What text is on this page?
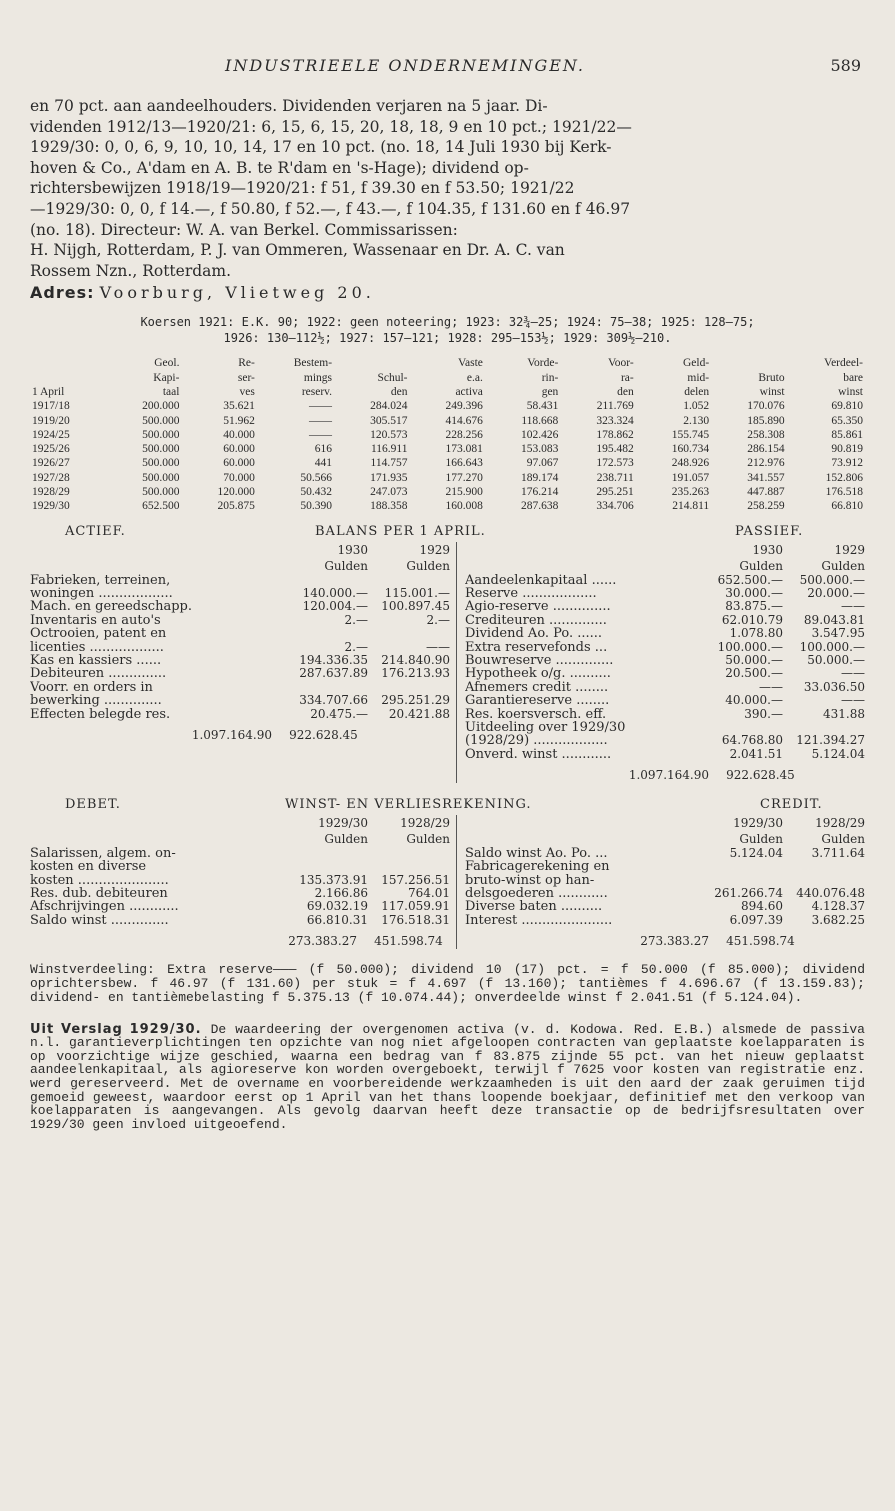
INDUSTRIEELE ONDERNEMINGEN.	589
en 70 pct. aan aandeelhouders. Dividenden verjaren na 5 jaar. Di-
videnden 1912/13—1920/21: 6, 15, 6, 15, 20, 18, 18, 9 en 10 pct.; 1921/22—
1929/30: 0, 0, 6, 9, 10, 10, 14, 17 en 10 pct. (no. 18, 14 Juli 1930 bij Kerk-
hoven & Co., A'dam en A. B. te R'dam en 's-Hage); dividend op-
richtersbewijzen 1918/19—1920/21: f 51, f 39.30 en f 53.50; 1921/22
—1929/30: 0, 0, f 14.—, f 50.80, f 52.—, f 43.—, f 104.35, f 131.60 en f 46.97
(no. 18). Directeur: W. A. van Berkel. Commissarissen:
H. Nijgh, Rotterdam, P. J. van Ommeren, Wassenaar en Dr. A. C. van
Rossem Nzn., Rotterdam.
Adres: Voorburg, Vlietweg 20.
Koersen 1921: E.K. 90; 1922: geen noteering; 1923: 32¾—25; 1924: 75—38; 1925: 128—75;
1926: 130—112½; 1927: 157—121; 1928: 295—153½; 1929: 309½—210.
	Geol.	Re-	Bestem-		Vaste	Vorde-	Voor-	Geld-		Verdeel-
	Kapi-	ser-	mings	Schul-	e.a.	rin-	ra-	mid-	Bruto	bare
1 April	taal	ves	reserv.	den	activa	gen	den	delen	winst	winst
1917/18	200.000	35.621	——	284.024	249.396	58.431	211.769	1.052	170.076	69.810
1919/20	500.000	51.962	——	305.517	414.676	118.668	323.324	2.130	185.890	65.350
1924/25	500.000	40.000	——	120.573	228.256	102.426	178.862	155.745	258.308	85.861
1925/26	500.000	60.000	616	116.911	173.081	153.083	195.482	160.734	286.154	90.819
1926/27	500.000	60.000	441	114.757	166.643	97.067	172.573	248.926	212.976	73.912
1927/28	500.000	70.000	50.566	171.935	177.270	189.174	238.711	191.057	341.557	152.806
1928/29	500.000	120.000	50.432	247.073	215.900	176.214	295.251	235.263	447.887	176.518
1929/30	652.500	205.875	50.390	188.358	160.008	287.638	334.706	214.811	258.259	66.810
ACTIEF.	BALANS PER 1 APRIL.	PASSIEF.
1930	1929
Gulden	Gulden
Fabrieken, terreinen,
woningen ..................	140.000.—	115.001.—
Mach. en gereedschapp.	120.004.—	100.897.45
Inventaris en auto's	2.—	2.—
Octrooien, patent en
licenties ..................	2.—	——
Kas en kassiers ......	194.336.35	214.840.90
Debiteuren ..............	287.637.89	176.213.93
Voorr. en orders in
bewerking ..............	334.707.66	295.251.29
Effecten belegde res.	20.475.—	20.421.88
1.097.164.90 922.628.45
1930	1929
Gulden	Gulden
Aandeelenkapitaal ......	652.500.—	500.000.—
Reserve ..................	30.000.—	20.000.—
Agio-reserve ..............	83.875.—	——
Crediteuren ..............	62.010.79	89.043.81
Dividend Ao. Po. ......	1.078.80	3.547.95
Extra reservefonds ...	100.000.—	100.000.—
Bouwreserve ..............	50.000.—	50.000.—
Hypotheek o/g. ..........	20.500.—	——
Afnemers credit ........	——	33.036.50
Garantiereserve ........	40.000.—	——
Res. koersversch. eff.	390.—	431.88
Uitdeeling over 1929/30
(1928/29) ..................	64.768.80	121.394.27
Onverd. winst ............	2.041.51	5.124.04
1.097.164.90 922.628.45
DEBET.	WINST- EN VERLIESREKENING.	CREDIT.
1929/30	1928/29
Gulden	Gulden
Salarissen, algem. on-
kosten en diverse
kosten ......................	135.373.91	157.256.51
Res. dub. debiteuren	2.166.86	764.01
Afschrijvingen ............	69.032.19	117.059.91
Saldo winst ..............	66.810.31	176.518.31
273.383.27 451.598.74
1929/30	1928/29
Gulden	Gulden
Saldo winst Ao. Po. ...	5.124.04	3.711.64
Fabricagerekening en
bruto-winst op han-
delsgoederen ............	261.266.74	440.076.48
Diverse baten ..........	894.60	4.128.37
Interest ......................	6.097.39	3.682.25
273.383.27 451.598.74
Winstverdeeling: Extra reserve——— (f 50.000); dividend 10 (17) pct. = f 50.000 (f 85.000); dividend oprichtersbew. f 46.97 (f 131.60) per stuk = f 4.697 (f 13.160); tantièmes f 4.696.67 (f 13.159.83); dividend- en tantièmebelasting f 5.375.13 (f 10.074.44); onverdeelde winst f 2.041.51 (f 5.124.04).
Uit Verslag 1929/30. De waardeering der overgenomen activa (v. d. Kodowa. Red. E.B.) alsmede de passiva n.l. garantieverplichtingen ten opzichte van nog niet afgeloopen contracten van geplaatste koelapparaten is op voorzichtige wijze geschied, waarna een bedrag van f 83.875 zijnde 55 pct. van het nieuw geplaatst aandeelenkapitaal, als agioreserve kon worden overgeboekt, terwijl f 7625 voor kosten van registratie enz. werd gereserveerd. Met de overname en voorbereidende werkzaamheden is uit den aard der zaak geruimen tijd gemoeid geweest, waardoor eerst op 1 April van het thans loopende boekjaar, definitief met den verkoop van koelapparaten is aangevangen. Als gevolg daarvan heeft deze transactie op de bedrijfsresultaten over 1929/30 geen invloed uitgeoefend.
